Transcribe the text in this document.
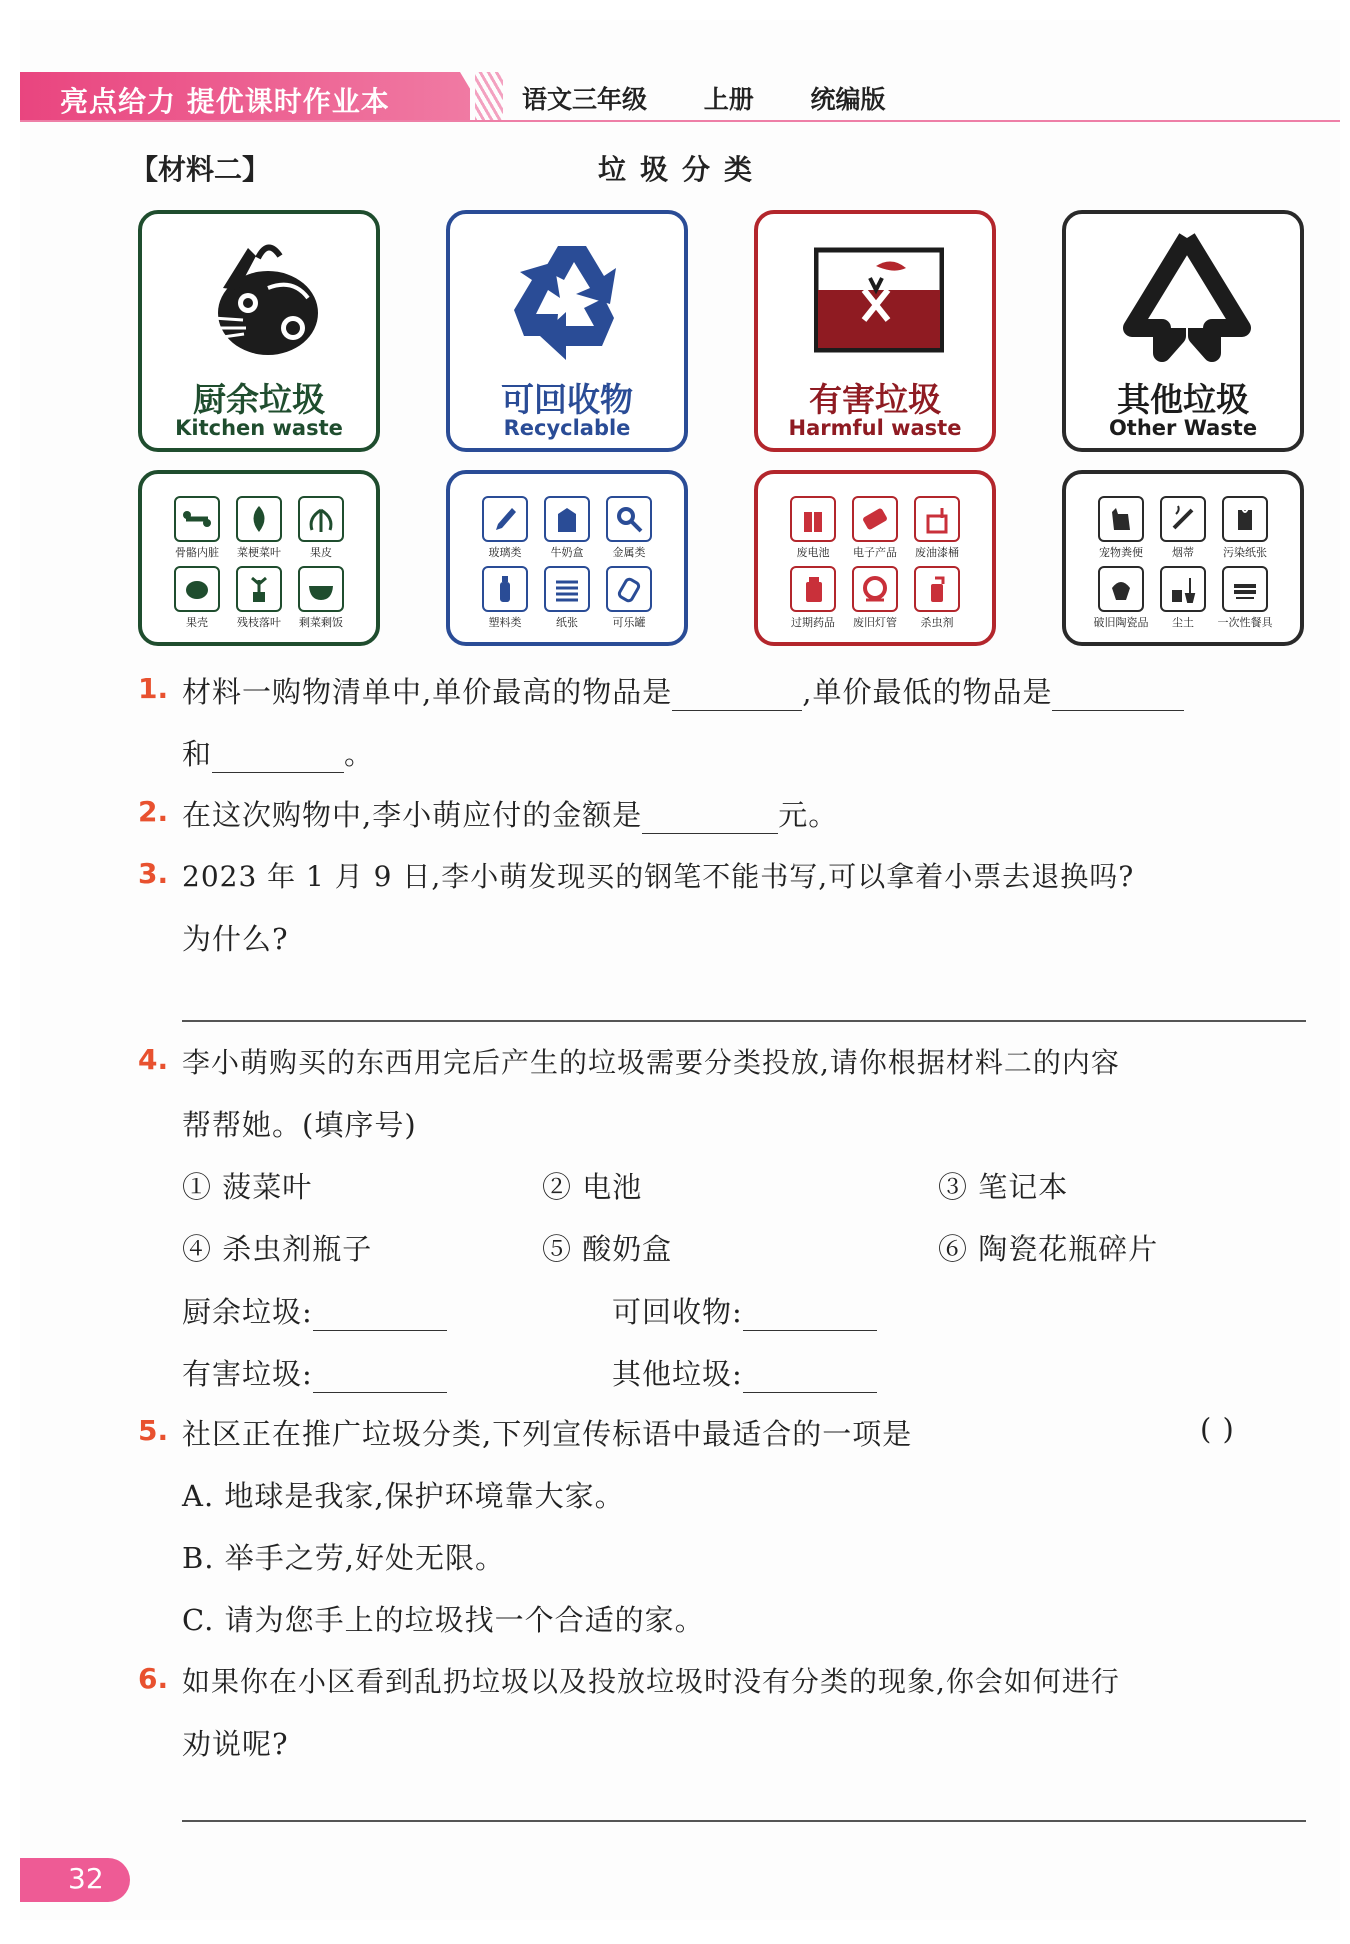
亮点给力 提优课时作业本	语文三年级 上册 统编版
【材料二】	垃圾分类
厨余垃圾
Kitchen waste
可回收物
Recyclable
有害垃圾
Harmful waste
其他垃圾
Other Waste
骨骼内脏	菜梗菜叶	果皮
果壳	残枝落叶	剩菜剩饭
玻璃类	牛奶盒	金属类
塑料类	纸张	可乐罐
废电池	电子产品	废油漆桶
过期药品	废旧灯管	杀虫剂
宠物粪便	烟蒂	污染纸张
破旧陶瓷品	尘土	一次性餐具
1. 材料一购物清单中,单价最高的物品是	,单价最低的物品是
和	。
2. 在这次购物中,李小萌应付的金额是	元。
3. 2023 年 1 月 9 日,李小萌发现买的钢笔不能书写,可以拿着小票去退换吗?
为什么?
4. 李小萌购买的东西用完后产生的垃圾需要分类投放,请你根据材料二的内容
帮帮她。(填序号)
① 菠菜叶	② 电池	③ 笔记本
④ 杀虫剂瓶子	⑤ 酸奶盒	⑥ 陶瓷花瓶碎片
厨余垃圾:	可回收物:
有害垃圾:	其他垃圾:
5. 社区正在推广垃圾分类,下列宣传标语中最适合的一项是	( )
A. 地球是我家,保护环境靠大家。
B. 举手之劳,好处无限。
C. 请为您手上的垃圾找一个合适的家。
6. 如果你在小区看到乱扔垃圾以及投放垃圾时没有分类的现象,你会如何进行
劝说呢?
32
